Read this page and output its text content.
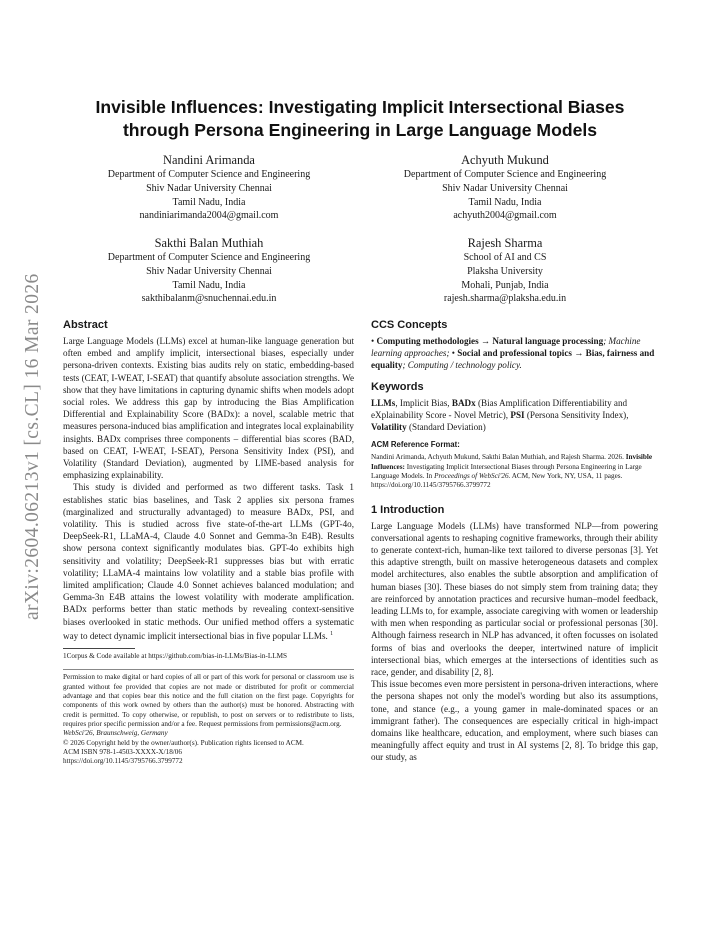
arXiv:2604.06213v1 [cs.CL] 16 Mar 2026
Invisible Influences: Investigating Implicit Intersectional Biases
through Persona Engineering in Large Language Models
Nandini Arimanda
Department of Computer Science and Engineering
Shiv Nadar University Chennai
Tamil Nadu, India
nandiniarimanda2004@gmail.com
Achyuth Mukund
Department of Computer Science and Engineering
Shiv Nadar University Chennai
Tamil Nadu, India
achyuth2004@gmail.com
Sakthi Balan Muthiah
Department of Computer Science and Engineering
Shiv Nadar University Chennai
Tamil Nadu, India
sakthibalanm@snuchennai.edu.in
Rajesh Sharma
School of AI and CS
Plaksha University
Mohali, Punjab, India
rajesh.sharma@plaksha.edu.in
Abstract

Large Language Models (LLMs) excel at human-like language generation but often embed and amplify implicit, intersectional biases, especially under persona-driven contexts. Existing bias audits rely on static, embedding-based tests (CEAT, I-WEAT, I-SEAT) that quantify absolute association strengths. We show that they have limitations in capturing dynamic shifts when models adopt social roles. We address this gap by introducing the Bias Amplification Differential and Explainability Score (BADx): a novel, scalable metric that measures persona-induced bias amplification and integrates local explainability insights. BADx comprises three components – differential bias scores (BAD, based on CEAT, I-WEAT, I-SEAT), Persona Sensitivity Index (PSI), and Volatility (Standard Deviation), augmented by LIME-based analysis for emphasizing explainability.

This study is divided and performed as two different tasks. Task 1 establishes static bias baselines, and Task 2 applies six persona frames (marginalized and structurally advantaged) to measure BADx, PSI, and volatility. This is studied across five state-of-the-art LLMs (GPT-4o, DeepSeek-R1, LLaMA-4, Claude 4.0 Sonnet and Gemma-3n E4B). Results show persona context significantly modulates bias. GPT-4o exhibits high sensitivity and volatility; DeepSeek-R1 suppresses bias but with erratic volatility; LLaMA-4 maintains low volatility and a stable bias profile with limited amplification; Claude 4.0 Sonnet achieves balanced modulation; and Gemma-3n E4B attains the lowest volatility with moderate amplification. BADx performs better than static methods by revealing context-sensitive biases overlooked in static methods. Our unified method offers a systematic way to detect dynamic implicit intersectional bias in five popular LLMs. $^1$

1Corpus & Code available at https://github.com/bias-in-LLMs/Bias-in-LLMS
Permission to make digital or hard copies of all or part of this work for personal or classroom use is granted without fee provided that copies are not made or distributed for profit or commercial advantage and that copies bear this notice and the full citation on the first page. Copyrights for components of this work owned by others than the author(s) must be honored. Abstracting with credit is permitted. To copy otherwise, or republish, to post on servers or to redistribute to lists, requires prior specific permission and/or a fee. Request permissions from permissions@acm.org.
WebSci'26, Braunschweig, Germany
© 2026 Copyright held by the owner/author(s). Publication rights licensed to ACM.
ACM ISBN 978-1-4503-XXXX-X/18/06
https://doi.org/10.1145/3795766.3799772
CCS Concepts

• Computing methodologies → Natural language processing; Machine learning approaches; • Social and professional topics → Bias, fairness and equality; Computing / technology policy.

Keywords

LLMs, Implicit Bias, BADx (Bias Amplification Differentiability and eXplainability Score - Novel Metric), PSI (Persona Sensitivity Index), Volatility (Standard Deviation)

ACM Reference Format:

Nandini Arimanda, Achyuth Mukund, Sakthi Balan Muthiah, and Rajesh Sharma. 2026. Invisible Influences: Investigating Implicit Intersectional Biases through Persona Engineering in Large Language Models. In Proceedings of WebSci'26. ACM, New York, NY, USA, 11 pages. https://doi.org/10.1145/3795766.3799772

1 Introduction

Large Language Models (LLMs) have transformed NLP—from powering conversational agents to reshaping cognitive frameworks, through their ability to generate context-rich, human-like text tailored to diverse personas [3]. Yet this adaptive strength, built on massive heterogeneous datasets and complex model architectures, also enables the subtle absorption and amplification of human biases [30]. These biases do not simply stem from training data; they are reinforced by annotation practices and recursive human–model feedback, leading LLMs to, for example, associate caregiving with women or leadership with men when responding as particular social or professional personas [30]. Although fairness research in NLP has advanced, it often focusses on isolated forms of bias and overlooks the deeper, intertwined nature of implicit intersectional bias, which emerges at the intersections of identities such as race, gender, and disability [2, 8].

This issue becomes even more persistent in persona-driven interactions, where the persona shapes not only the model's wording but also its assumptions, tone, and stance (e.g., a young gamer in male-dominated spaces or an immigrant father). The consequences are especially critical in high-impact domains like healthcare, education, and employment, where such biases can meaningfully affect equity and trust in AI systems [2, 8]. To bridge this gap, our study, as
